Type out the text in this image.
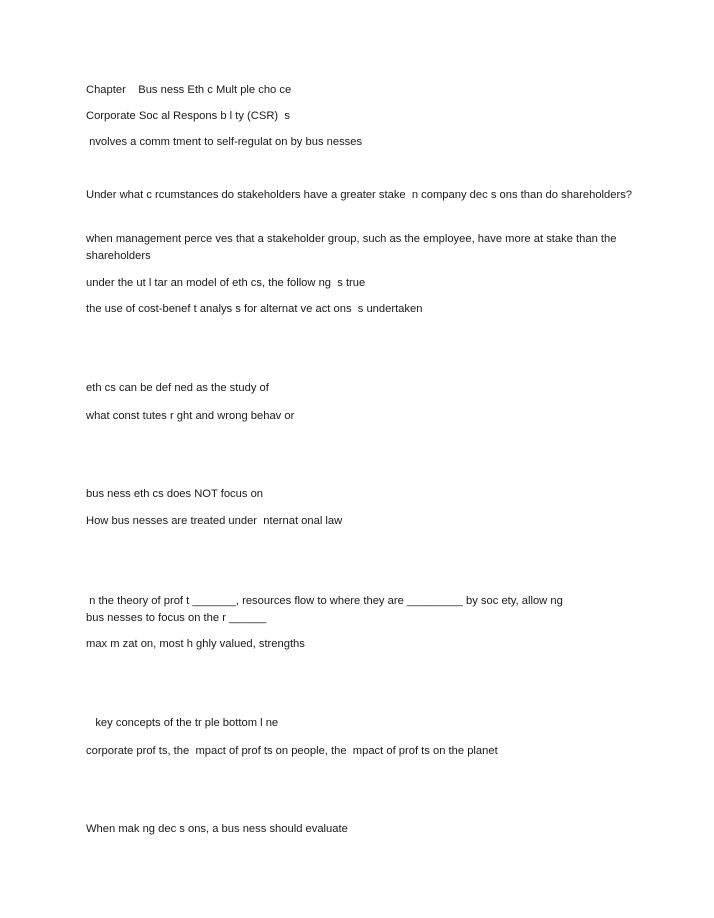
Chapter    Bus ness Eth c Mult ple cho ce

Corporate Soc al Respons b l ty (CSR)  s

nvolves a comm tment to self-regulat on by bus nesses

Under what c rcumstances do stakeholders have a greater stake  n company dec s ons than do shareholders?

when management perce ves that a stakeholder group, such as the employee, have more at stake than the shareholders

under the ut l tar an model of eth cs, the follow ng  s true

the use of cost-benef t analys s for alternat ve act ons  s undertaken

eth cs can be def ned as the study of

what const tutes r ght and wrong behav or

bus ness eth cs does NOT focus on

How bus nesses are treated under  nternat onal law

n the theory of prof t _______, resources flow to where they are _________ by soc ety, allow ng
bus nesses to focus on the r ______

max m zat on, most h ghly valued, strengths

key concepts of the tr ple bottom l ne

corporate prof ts, the  mpact of prof ts on people, the  mpact of prof ts on the planet

When mak ng dec s ons, a bus ness should evaluate
